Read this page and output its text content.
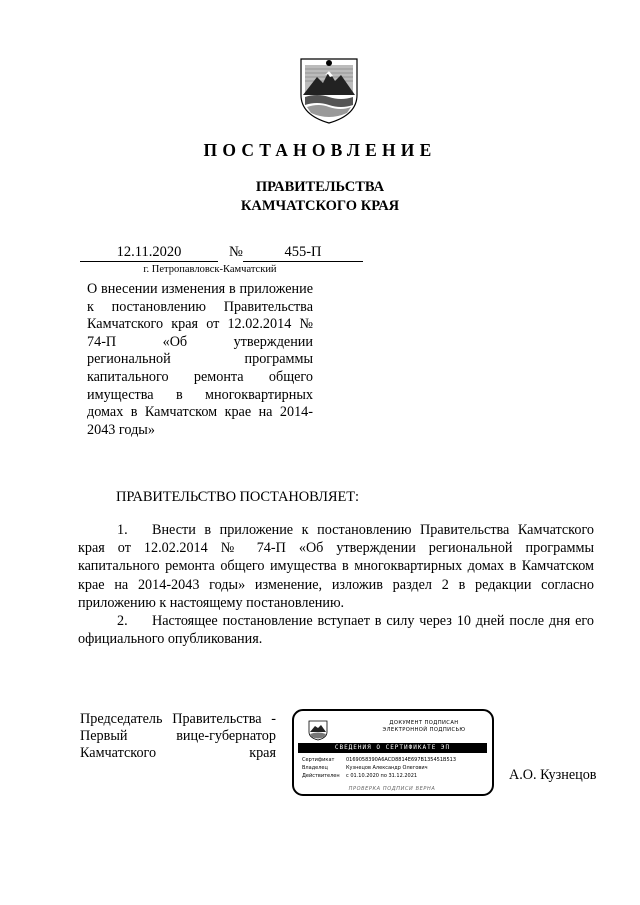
ПОСТАНОВЛЕНИЕ
ПРАВИТЕЛЬСТВА
КАМЧАТСКОГО КРАЯ
12.11.2020	№	455-П
г. Петропавловск-Камчатский
О внесении изменения в приложение к постановлению Правительства Камчатского края от 12.02.2014 № 74-П «Об утверждении региональной программы капитального ремонта общего имущества в многоквартирных домах в Камчатском крае на 2014-2043 годы»
ПРАВИТЕЛЬСТВО ПОСТАНОВЛЯЕТ:

1. Внести в приложение к постановлению Правительства Камчатского края от 12.02.2014 № 74-П «Об утверждении региональной программы капитального ремонта общего имущества в многоквартирных домах в Камчатском крае на 2014-2043 годы» изменение, изложив раздел 2 в редакции согласно приложению к настоящему постановлению.

2. Настоящее постановление вступает в силу через 10 дней после дня его официального опубликования.

Председатель Правительства -
Первый вице-губернатор
Камчатского края
ДОКУМЕНТ ПОДПИСАН
ЭЛЕКТРОННОЙ ПОДПИСЬЮ
СВЕДЕНИЯ О СЕРТИФИКАТЕ ЭП
Сертификат 0169058390A6ACD8814E697B135451B513
Владелец	Кузнецов Александр Олегович
Действителен с 01.10.2020 по 31.12.2021
ПРОВЕРКА ПОДПИСИ ВЕРНА
А.О. Кузнецов
